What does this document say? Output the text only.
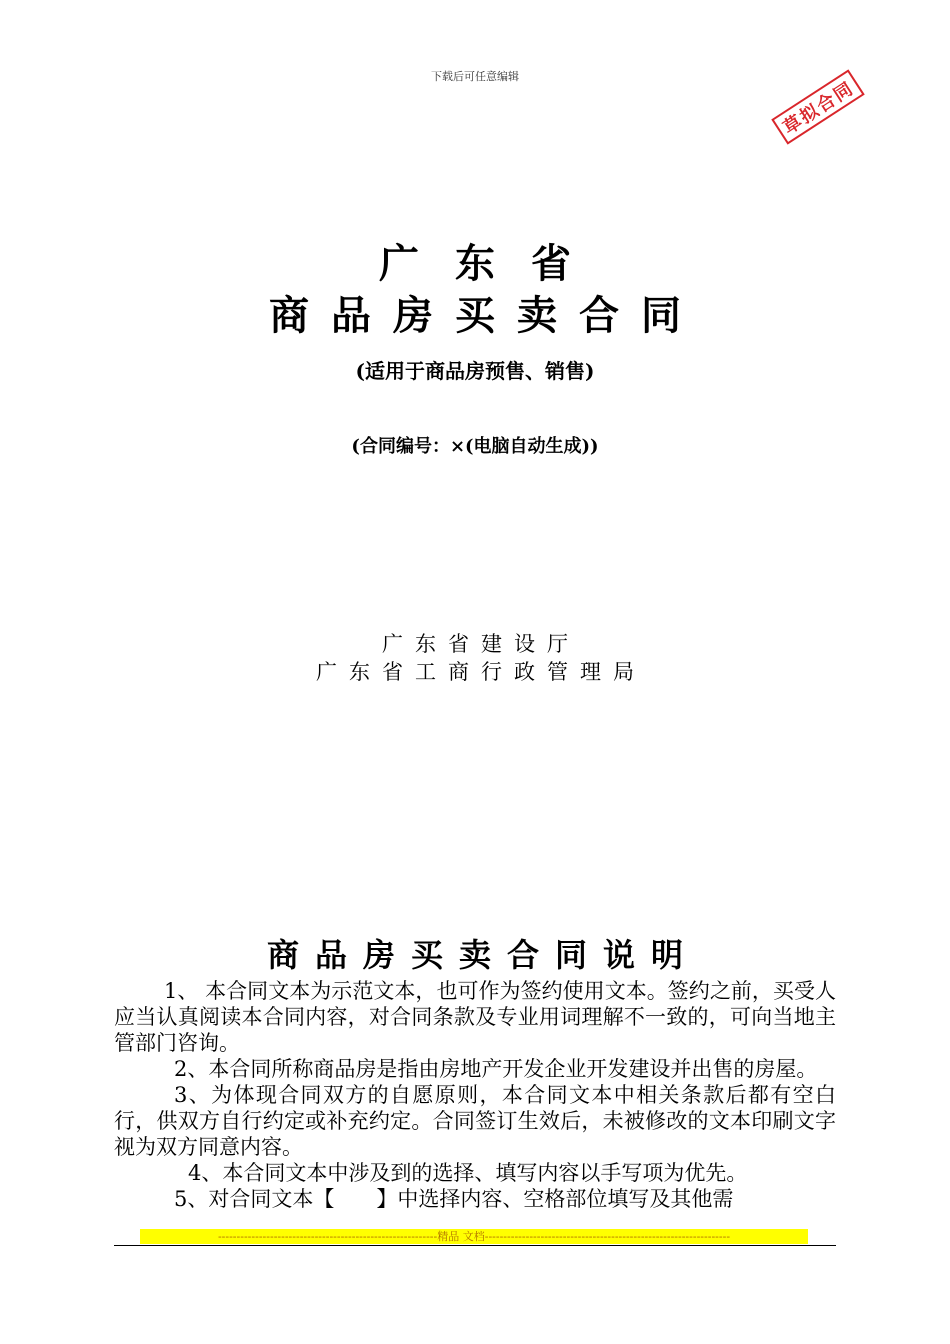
下载后可任意编辑
草拟合同
广东省
商品房买卖合同
(适用于商品房预售、销售)
(合同编号：×(电脑自动生成))
广东省建设厅
广东省工商行政管理局
商品房买卖合同说明

1、 本合同文本为示范文本，也可作为签约使用文本。签约之前，买受人应当认真阅读本合同内容，对合同条款及专业用词理解不一致的，可向当地主管部门咨询。

2、本合同所称商品房是指由房地产开发企业开发建设并出售的房屋。

3、为体现合同双方的自愿原则，本合同文本中相关条款后都有空白行，供双方自行约定或补充约定。合同签订生效后，未被修改的文本印刷文字视为双方同意内容。

4、本合同文本中涉及到的选择、填写内容以手写项为优先。

5、对合同文本【　　】中选择内容、空格部位填写及其他需

-----------------------------------------------------------精品 文档------------------------------------------------------------------
